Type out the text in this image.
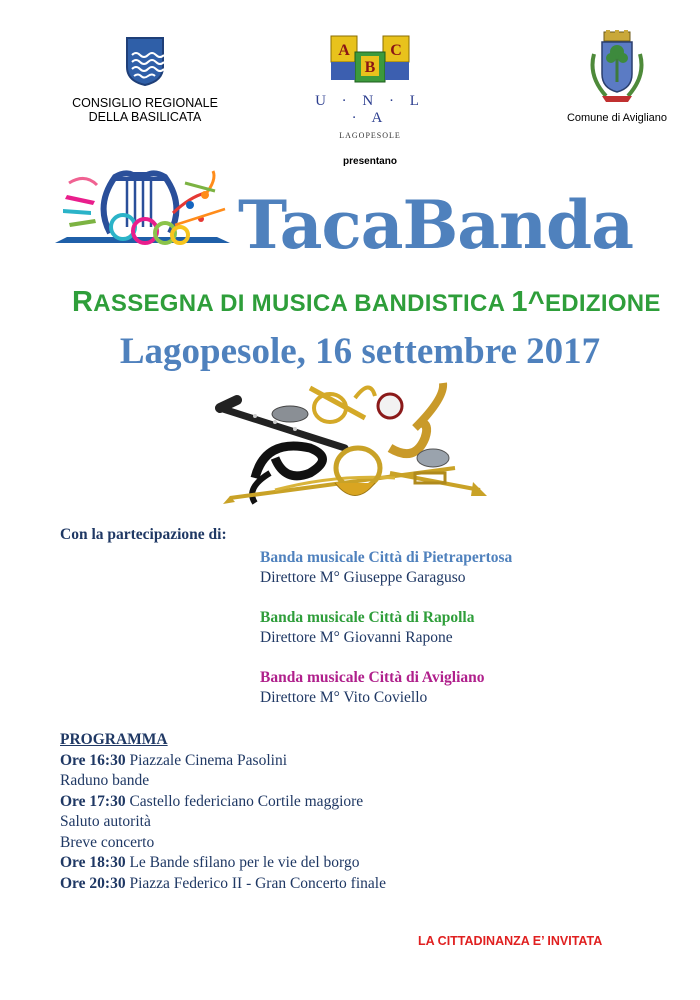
CONSIGLIO REGIONALE
DELLA BASILICATA
A	C
B
U · N · L · A
LAGOPESOLE
Comune di Avigliano
presentano
TacaBanda
RASSEGNA DI MUSICA BANDISTICA 1^EDIZIONE
Lagopesole, 16 settembre 2017
Con la partecipazione di:
Banda musicale Città di Pietrapertosa
Direttore M° Giuseppe Garaguso
Banda musicale Città di Rapolla
Direttore M° Giovanni Rapone
Banda musicale Città di Avigliano
Direttore M° Vito Coviello
PROGRAMMA
Ore 16:30 Piazzale Cinema Pasolini
Raduno bande
Ore 17:30 Castello federiciano Cortile maggiore
Saluto autorità
Breve concerto
Ore 18:30 Le Bande sfilano per le vie del borgo
Ore 20:30 Piazza Federico II - Gran Concerto finale
LA CITTADINANZA E’ INVITATA
